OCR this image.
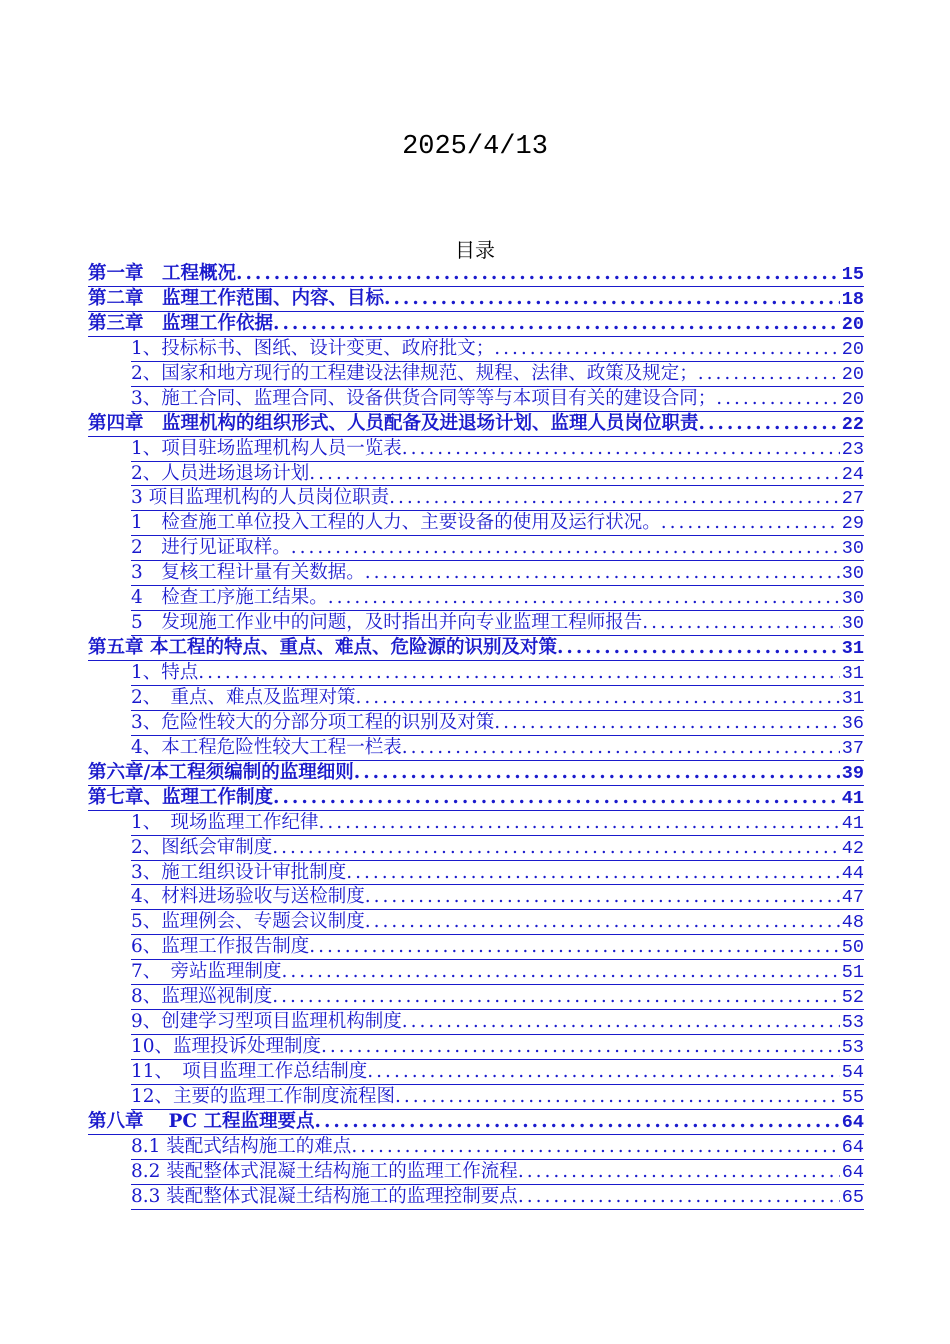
2025/4/13
目录
第一章　工程概况 .....	15
第二章　监理工作范围、内容、目标 .....	18
第三章　监理工作依据 .....	20
1、投标标书、图纸、设计变更、政府批文； .....	20
2、国家和地方现行的工程建设法律规范、规程、法律、政策及规定； .....	20
3、施工合同、监理合同、设备供货合同等等与本项目有关的建设合同； .....	20
第四章　监理机构的组织形式、人员配备及进退场计划、监理人员岗位职责 .....	22
1、项目驻场监理机构人员一览表 .....	23
2、人员进场退场计划 .....	24
3 项目监理机构的人员岗位职责 .....	27
1　检查施工单位投入工程的人力、主要设备的使用及运行状况。 .....	29
2　进行见证取样。 .....	30
3　复核工程计量有关数据。 .....	30
4　检查工序施工结果。 .....	30
5　发现施工作业中的问题，及时指出并向专业监理工程师报告 .....	30
第五章 本工程的特点、重点、难点、危险源的识别及对策 .....	31
1、特点 .....	31
2、　重点、难点及监理对策 .....	31
3、危险性较大的分部分项工程的识别及对策 .....	36
4、本工程危险性较大工程一栏表 .....	37
第六章/本工程须编制的监理细则 .....	39
第七章、监理工作制度 .....	41
1、　现场监理工作纪律 .....	41
2、图纸会审制度 .....	42
3、施工组织设计审批制度 .....	44
4、材料进场验收与送检制度 .....	47
5、监理例会、专题会议制度 .....	48
6、监理工作报告制度 .....	50
7、　旁站监理制度 .....	51
8、监理巡视制度 .....	52
9、创建学习型项目监理机构制度 .....	53
10、监理投诉处理制度 .....	53
11、　项目监理工作总结制度 .....	54
12、主要的监理工作制度流程图 .....	55
第八章　 PC 工程监理要点 .....	64
8.1 装配式结构施工的难点 .....	64
8.2 装配整体式混凝土结构施工的监理工作流程 .....	64
8.3 装配整体式混凝土结构施工的监理控制要点 .....	65
